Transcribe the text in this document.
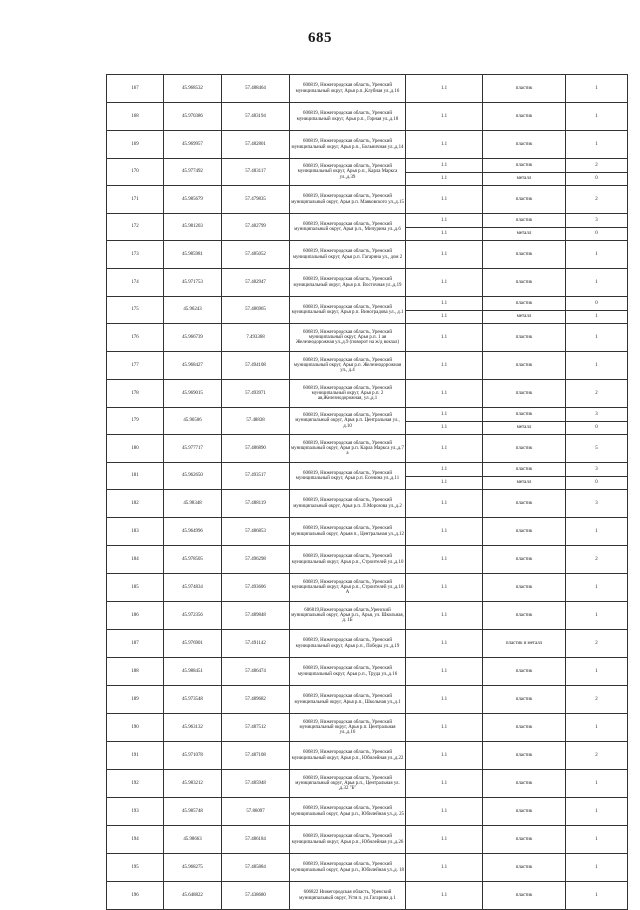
685
167	45.968532	57.488464	606819, Нижегородская область, Уренский муниципальный округ, Арья р.п.,Клубная ул.,д.16	1.1	пластик	1
168	45.970386	57.483194	606819, Нижегородская область, Уренский муниципальный округ, Арья р.п., Горная ул.,д.18	1.1	пластик	1
169	45.969957	57.482801	606819, Нижегородская область, Уренский муниципальный округ, Арья р.п., Больничная ул.,д.14	1.1	пластик	1
170	45.977492	57.483117	606819, Нижегородская область, Уренский муниципальный округ, Арья р.п., Карла Маркса ул.,д.39	1.1	пластик	2
				1.1	металл	0
171	45.985679	57.479835	606819, Нижегородская область, Уренский муниципальный округ, Арья р.п. Маяковского ул.,д.15	1.1	пластик	2
172	45.981203	57.482799	606819, Нижегородская область, Уренский муниципальный округ, Арья р.п., Мичурина ул.,д.6	1.1	пластик	3
				1.1	металл	0
173	45.985981	57.485052	606819, Нижегородская область, Уренский муниципальный округ, Арья р.п. Гагарина ул., дом 2	1.1	пластик	1
174	45.971753	57.482947	606819, Нижегородская область, Уренский муниципальный округ, Арья р.п. Восточная ул.,д.19	1.1	пластик	1
175	45.96243	57.486965	606819, Нижегородская область, Уренский муниципальный округ, Арья р.п. Виноградова ул., д.1	1.1	пластик	0
				1.1	металл	1
176	45.966739	7.493368	606819, Нижегородская область, Уренский муниципальный округ, Арья р.п. 1 ая Железнодорожная ул.,д.9 (поворот на ж/д вокзал)	1.1	пластик	1
177	45.968427	57.494108	606819, Нижегородская область, Уренский муниципальный округ, Арья р.п. Железнодорожная ул., д.4	1.1	пластик	1
178	45.969015	57.493971	606819, Нижегородская область, Уренский муниципальный округ, Арья р.п. 2 ая,Железнодорожная, ул.,д.1	1.1	пластик	2
179	45.96506	57.48838	606819, Нижегородская область, Уренский муниципальный округ, Арья р.п. Центральная ул., д.10	1.1	пластик	3
				1.1	металл	0
180	45.977717	57.486890	606819, Нижегородская область, Уренский муниципальный округ, Арья р.п. Карла Маркса ул.,д.7 а	1.1	пластик	5
181	45.962650	57.493517	606819, Нижегородская область, Уренский муниципальный округ, Арья р.п. Есенина ул.,д.11	1.1	пластик	3
				1.1	металл	0
182	45.98348	57.488119	606819, Нижегородская область, Уренский муниципальный округ, Арья р.п. Л.Морозова ул.,д.2	1.1	пластик	3
183	45.964996	57.486853	606819, Нижегородская область, Уренский муниципальный округ, Арьяя п., Центральная ул.,д.12	1.1	пластик	1
184	45.978505	57.496298	606819, Нижегородская область, Уренский муниципальный округ, Арья р.п., Строителей ул.,д.10	1.1	пластик	2
185	45.974834	57.493606	606819, Нижегородская область, Уренский муниципальный округ, Арья р.п., Строителей ул.,д.10 А	1.1	пластик	1
186	45.972356	57.489848	606819,Нижегородская область,Уренский муниципальный округ, Арья р.п., Арья, ул. Школьная, д. 1Б	1.1	пластик	1
187	45.976901	57.491142	606819, Нижегородская область, Уренский муниципальный округ, Арья р.п., Победы ул.,д.19	1.1	пластик и металл	2
188	45.988451	57.486474	606819, Нижегородская область, Уренский муниципальный округ, Арья р.п., Труда ул.,д.16	1.1	пластик	1
189	45.973548	57.489682	606819, Нижегородская область, Уренский муниципальный округ, Арья р.п., Школьная ул.,д.1	1.1	пластик	2
190	45.963132	57.487512	606819, Нижегородская область, Уренский муниципальный округ, Арья р.п. Центральная ул.,д.16	1.1	пластик	1
191	45.971078	57.487108	606819, Нижегородская область, Уренский муниципальный округ, Арья р.п., Юбилейная ул.,д.22	1.1	пластик	2
192	45.983212	57.485948	606819, Нижегородская область, Уренский муниципальный округ, Арья р.п., Центральная ул. ,д.32 "Б"	1.1	пластик	1
193	45.985748	57.86097	606819, Нижегородская область, Уренский муниципальный округ, Арья р.п., Юбилейная ул.,д. 25	1.1	пластик	1
194	45.98663	57.486184	606819, Нижегородская область, Уренский муниципальный округ, Арья р.п., Юбилейная ул.,д.26	1.1	пластик	1
195	45.968275	57.485884	606819, Нижегородская область, Уренский муниципальный округ, Арья р.п., Юбилейная ул.,д. 18	1.1	пластик	1
196	45.648822	57.438680	606822 Нижегородская область, Уренский муниципальный округ, Устя п. ул.Гагарина д.1	1.1	пластик	1
